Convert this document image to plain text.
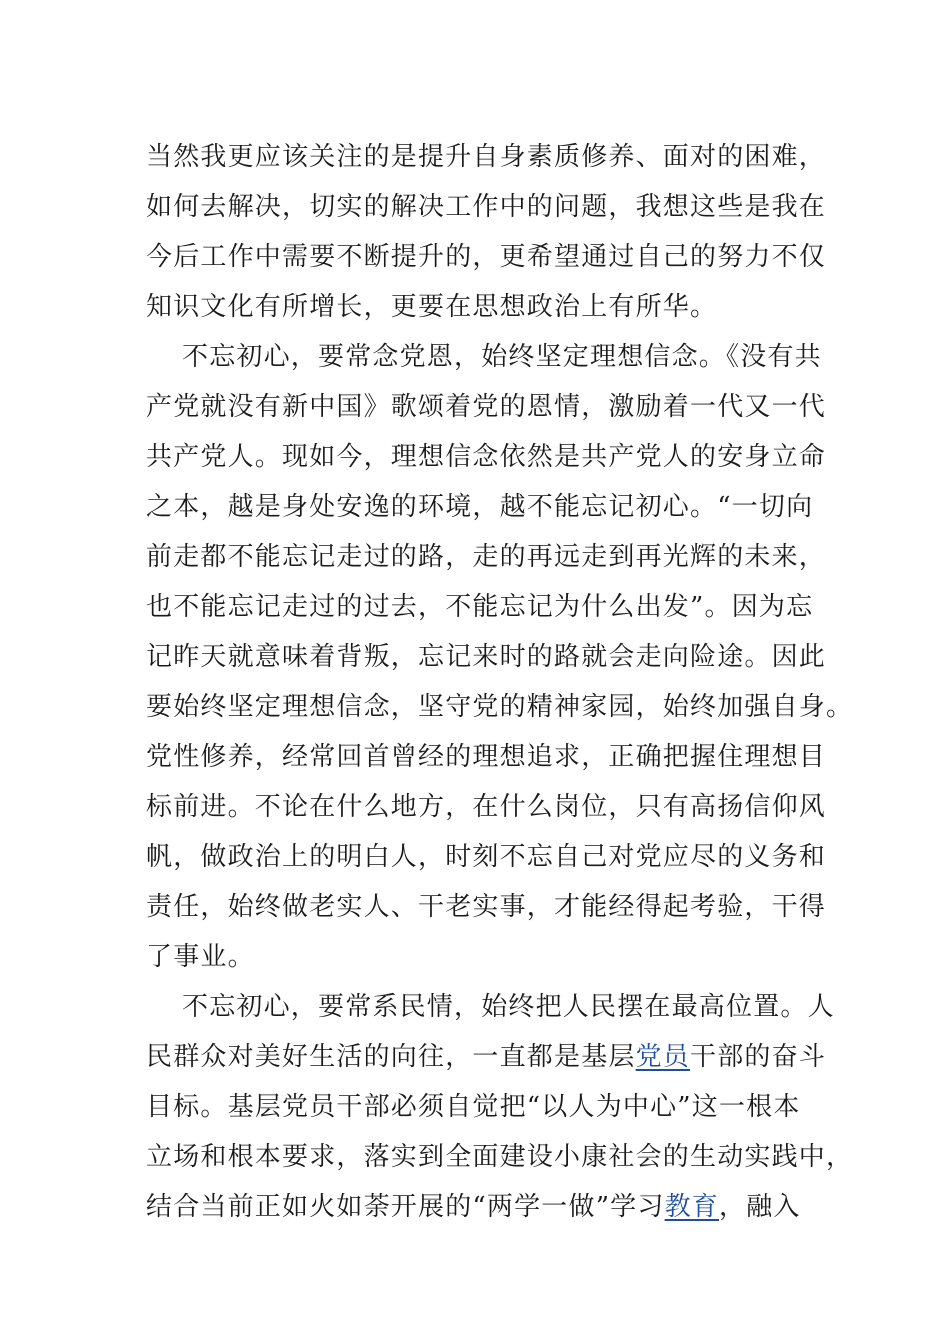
当然我更应该关注的是提升自身素质修养、面对的困难，
如何去解决，切实的解决工作中的问题，我想这些是我在
今后工作中需要不断提升的，更希望通过自己的努力不仅
知识文化有所增长，更要在思想政治上有所华。
不忘初心，要常念党恩，始终坚定理想信念。《没有共
产党就没有新中国》歌颂着党的恩情，激励着一代又一代
共产党人。现如今，理想信念依然是共产党人的安身立命
之本，越是身处安逸的环境，越不能忘记初心。“一切向
前走都不能忘记走过的路，走的再远走到再光辉的未来，
也不能忘记走过的过去，不能忘记为什么出发”。因为忘
记昨天就意味着背叛，忘记来时的路就会走向险途。因此
要始终坚定理想信念，坚守党的精神家园，始终加强自身。
党性修养，经常回首曾经的理想追求，正确把握住理想目
标前进。不论在什么地方，在什么岗位，只有高扬信仰风
帆，做政治上的明白人，时刻不忘自己对党应尽的义务和
责任，始终做老实人、干老实事，才能经得起考验，干得
了事业。
不忘初心，要常系民情，始终把人民摆在最高位置。人
民群众对美好生活的向往，一直都是基层党员干部的奋斗
目标。基层党员干部必须自觉把“以人为中心”这一根本
立场和根本要求，落实到全面建设小康社会的生动实践中，
结合当前正如火如荼开展的“两学一做”学习教育，融入
